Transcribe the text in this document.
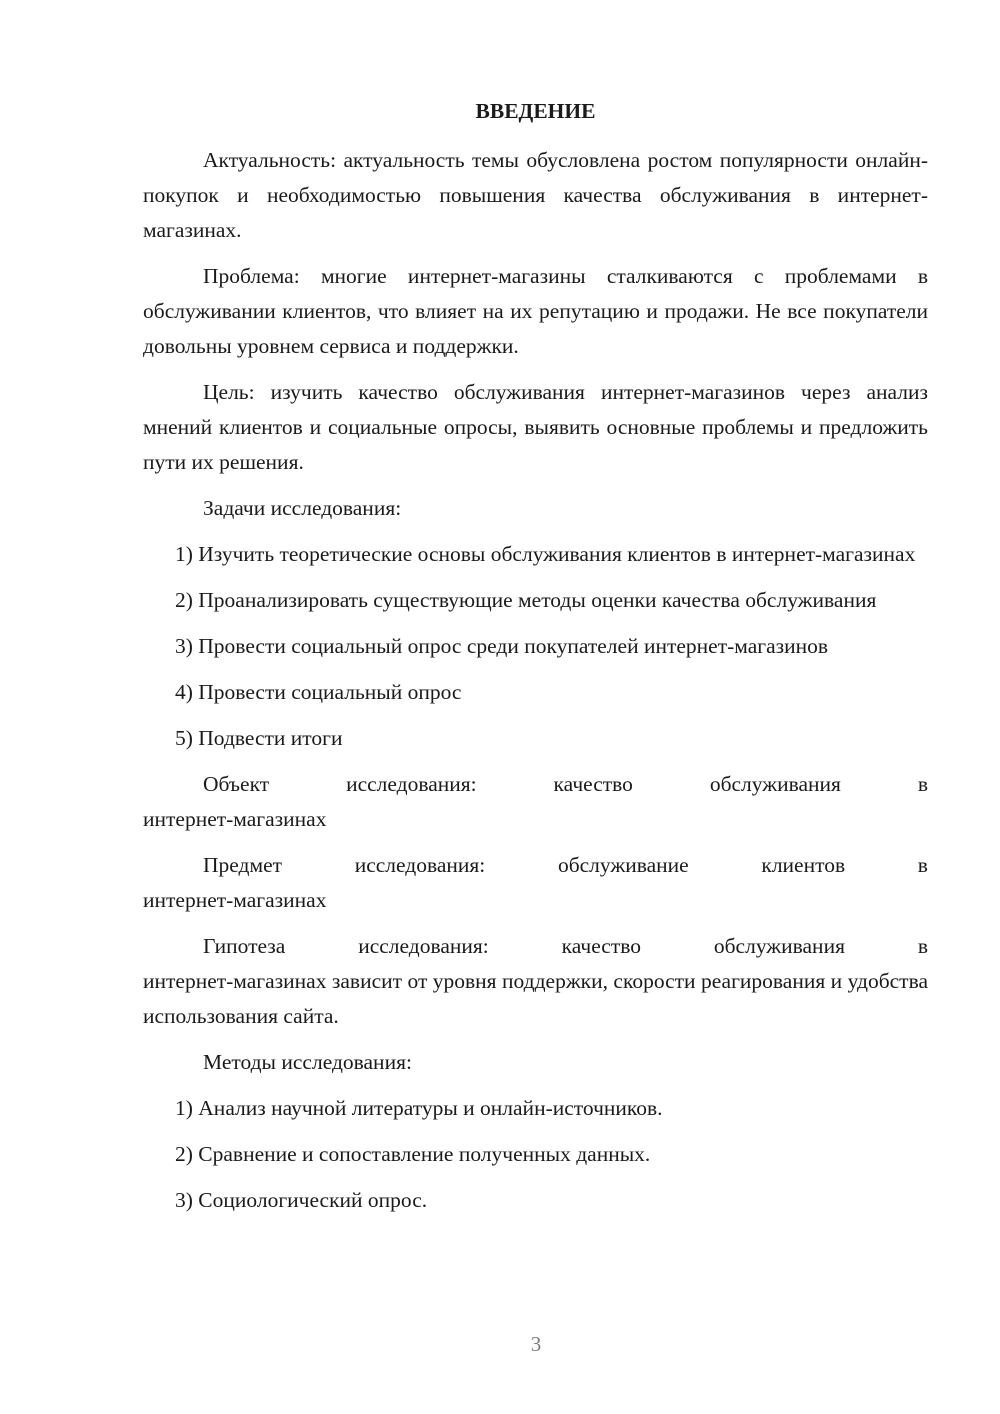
ВВЕДЕНИЕ
Актуальность: актуальность темы обусловлена ростом популярности онлайн-покупок и необходимостью повышения качества обслуживания в интернет-магазинах.
Проблема: многие интернет-магазины сталкиваются с проблемами в обслуживании клиентов, что влияет на их репутацию и продажи. Не все покупатели довольны уровнем сервиса и поддержки.
Цель: изучить качество обслуживания интернет-магазинов через анализ мнений клиентов и социальные опросы, выявить основные проблемы и предложить пути их решения.
Задачи исследования:
1) Изучить теоретические основы обслуживания клиентов в интернет-магазинах
2) Проанализировать существующие методы оценки качества обслуживания
3) Провести социальный опрос среди покупателей интернет-магазинов
4) Провести социальный опрос
5) Подвести итоги
Объект	исследования:	качество	обслуживания	в
интернет-магазинах
Предмет	исследования:	обслуживание	клиентов	в
интернет-магазинах
Гипотеза	исследования:	качество	обслуживания	в
интернет-магазинах зависит от уровня поддержки, скорости реагирования и удобства использования сайта.
Методы исследования:
1) Анализ научной литературы и онлайн-источников.
2) Сравнение и сопоставление полученных данных.
3) Социологический опрос.
3
